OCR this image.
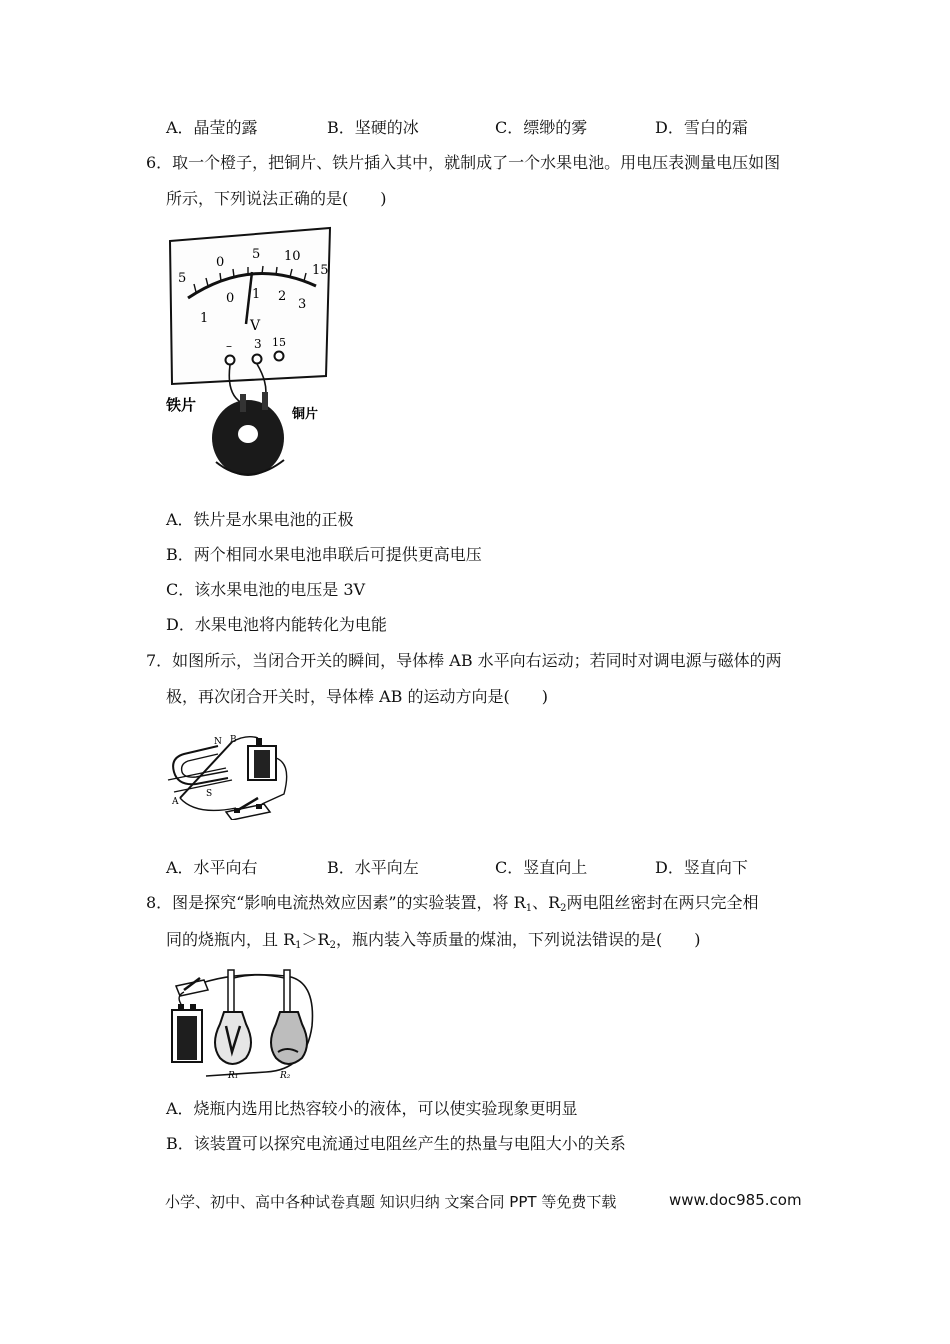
A．晶莹的露	B．坚硬的冰	C．缥缈的雾	D．雪白的霜
6．取一个橙子，把铜片、铁片插入其中，就制成了一个水果电池。用电压表测量电压如图
所示，下列说法正确的是(　　)
5
0
5 10
15
1
0 1 2
3
V
– 3 15
铁片
铜片
A．铁片是水果电池的正极
B．两个相同水果电池串联后可提供更高电压
C．该水果电池的电压是 3V
D．水果电池将内能转化为电能
7．如图所示，当闭合开关的瞬间，导体棒 AB 水平向右运动；若同时对调电源与磁体的两
极，再次闭合开关时，导体棒 AB 的运动方向是(　　)
N
S
A
B
A．水平向右	B．水平向左	C．竖直向上	D．竖直向下
8．图是探究“影响电流热效应因素”的实验装置，将 $R_1$、$R_2$两电阻丝密封在两只完全相
同的烧瓶内，且 $R_1>R_2$，瓶内装入等质量的煤油，下列说法错误的是(　　)
R₁	R₂
A．烧瓶内选用比热容较小的液体，可以使实验现象更明显
B．该装置可以探究电流通过电阻丝产生的热量与电阻大小的关系
小学、初中、高中各种试卷真题 知识归纳 文案合同 PPT 等免费下载	www.doc985.com
